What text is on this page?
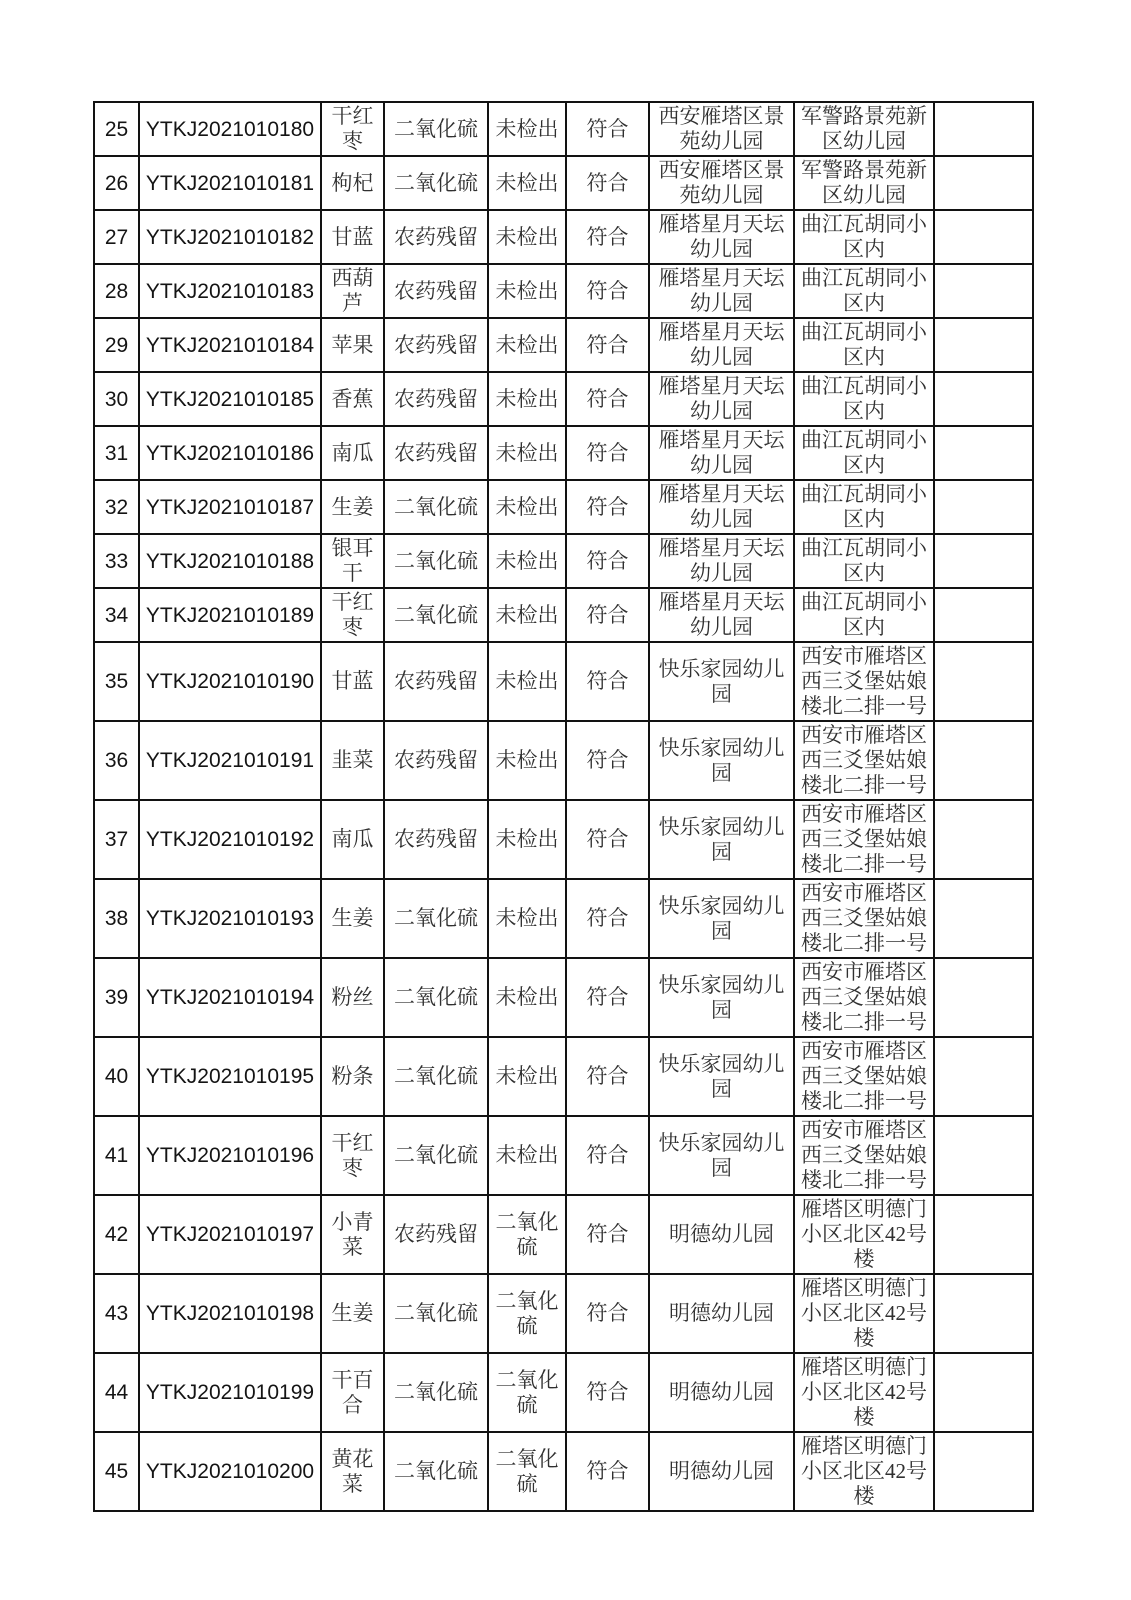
25	YTKJ2021010180	干红枣	二氧化硫	未检出	符合	西安雁塔区景苑幼儿园	军警路景苑新区幼儿园	
26	YTKJ2021010181	枸杞	二氧化硫	未检出	符合	西安雁塔区景苑幼儿园	军警路景苑新区幼儿园	
27	YTKJ2021010182	甘蓝	农药残留	未检出	符合	雁塔星月天坛幼儿园	曲江瓦胡同小区内	
28	YTKJ2021010183	西葫芦	农药残留	未检出	符合	雁塔星月天坛幼儿园	曲江瓦胡同小区内	
29	YTKJ2021010184	苹果	农药残留	未检出	符合	雁塔星月天坛幼儿园	曲江瓦胡同小区内	
30	YTKJ2021010185	香蕉	农药残留	未检出	符合	雁塔星月天坛幼儿园	曲江瓦胡同小区内	
31	YTKJ2021010186	南瓜	农药残留	未检出	符合	雁塔星月天坛幼儿园	曲江瓦胡同小区内	
32	YTKJ2021010187	生姜	二氧化硫	未检出	符合	雁塔星月天坛幼儿园	曲江瓦胡同小区内	
33	YTKJ2021010188	银耳干	二氧化硫	未检出	符合	雁塔星月天坛幼儿园	曲江瓦胡同小区内	
34	YTKJ2021010189	干红枣	二氧化硫	未检出	符合	雁塔星月天坛幼儿园	曲江瓦胡同小区内	
35	YTKJ2021010190	甘蓝	农药残留	未检出	符合	快乐家园幼儿园	西安市雁塔区西三爻堡姑娘楼北二排一号	
36	YTKJ2021010191	韭菜	农药残留	未检出	符合	快乐家园幼儿园	西安市雁塔区西三爻堡姑娘楼北二排一号	
37	YTKJ2021010192	南瓜	农药残留	未检出	符合	快乐家园幼儿园	西安市雁塔区西三爻堡姑娘楼北二排一号	
38	YTKJ2021010193	生姜	二氧化硫	未检出	符合	快乐家园幼儿园	西安市雁塔区西三爻堡姑娘楼北二排一号	
39	YTKJ2021010194	粉丝	二氧化硫	未检出	符合	快乐家园幼儿园	西安市雁塔区西三爻堡姑娘楼北二排一号	
40	YTKJ2021010195	粉条	二氧化硫	未检出	符合	快乐家园幼儿园	西安市雁塔区西三爻堡姑娘楼北二排一号	
41	YTKJ2021010196	干红枣	二氧化硫	未检出	符合	快乐家园幼儿园	西安市雁塔区西三爻堡姑娘楼北二排一号	
42	YTKJ2021010197	小青菜	农药残留	二氧化硫	符合	明德幼儿园	雁塔区明德门小区北区42号楼	
43	YTKJ2021010198	生姜	二氧化硫	二氧化硫	符合	明德幼儿园	雁塔区明德门小区北区42号楼	
44	YTKJ2021010199	干百合	二氧化硫	二氧化硫	符合	明德幼儿园	雁塔区明德门小区北区42号楼	
45	YTKJ2021010200	黄花菜	二氧化硫	二氧化硫	符合	明德幼儿园	雁塔区明德门小区北区42号楼	
